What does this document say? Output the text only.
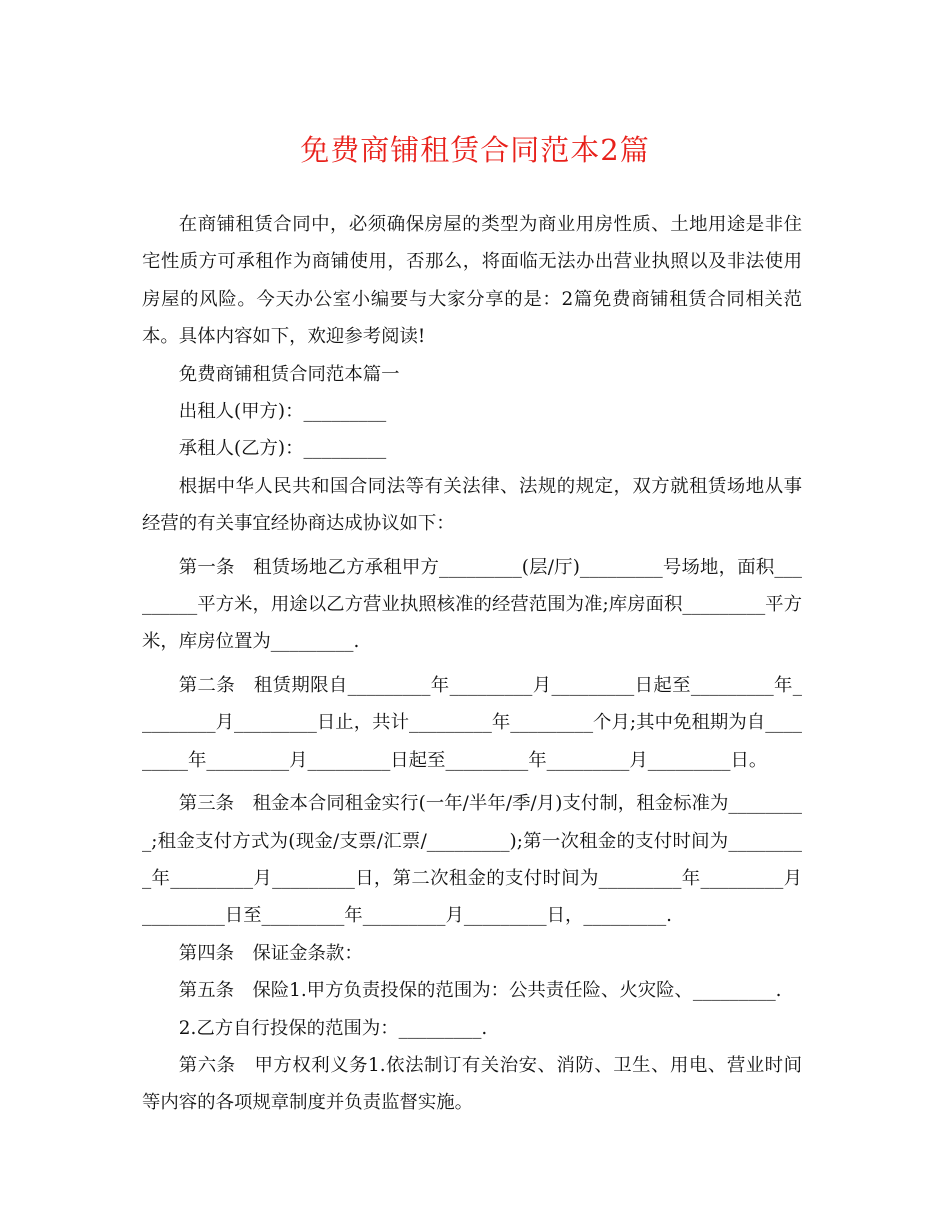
免费商铺租赁合同范本2篇

在商铺租赁合同中，必须确保房屋的类型为商业用房性质、土地用途是非住宅性质方可承租作为商铺使用，否那么，将面临无法办出营业执照以及非法使用房屋的风险。今天办公室小编要与大家分享的是：2篇免费商铺租赁合同相关范本。具体内容如下，欢迎参考阅读!

免费商铺租赁合同范本篇一

出租人(甲方)：_________

承租人(乙方)：_________

根据中华人民共和国合同法等有关法律、法规的规定，双方就租赁场地从事经营的有关事宜经协商达成协议如下：

第一条　租赁场地乙方承租甲方_________(层/厅)_________号场地，面积_________平方米，用途以乙方营业执照核准的经营范围为准;库房面积_________平方米，库房位置为_________.

第二条　租赁期限自_________年_________月_________日起至_________年_________月_________日止，共计_________年_________个月;其中免租期为自_________年_________月_________日起至_________年_________月_________日。

第三条　租金本合同租金实行(一年/半年/季/月)支付制，租金标准为_________;租金支付方式为(现金/支票/汇票/_________);第一次租金的支付时间为_________年_________月_________日，第二次租金的支付时间为_________年_________月_________日至_________年_________月_________日，_________.

第四条　保证金条款：

第五条　保险1.甲方负责投保的范围为：公共责任险、火灾险、_________.

2.乙方自行投保的范围为：_________.

第六条　甲方权利义务1.依法制订有关治安、消防、卫生、用电、营业时间等内容的各项规章制度并负责监督实施。
